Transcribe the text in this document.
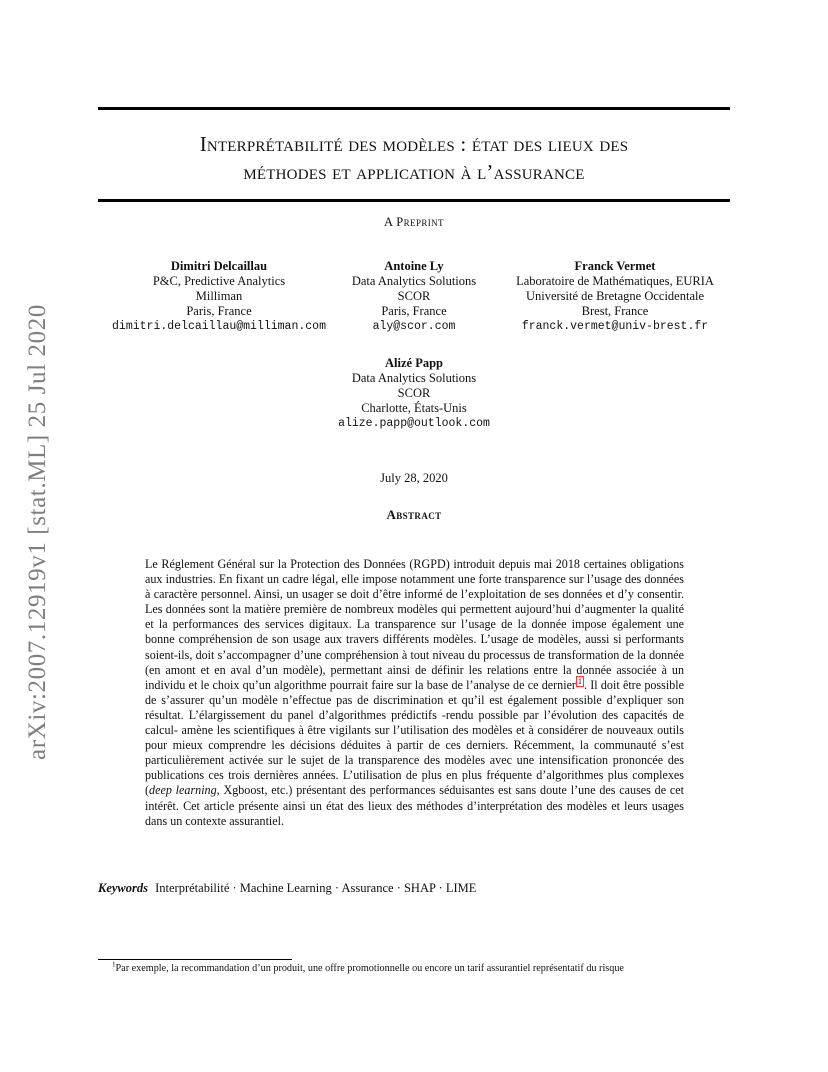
arXiv:2007.12919v1 [stat.ML] 25 Jul 2020
Interprétabilité des modèles : état des lieux des
méthodes et application à l’assurance
A Preprint
Dimitri Delcaillau
P&C, Predictive Analytics
Milliman
Paris, France
dimitri.delcaillau@milliman.com
Antoine Ly
Data Analytics Solutions
SCOR
Paris, France
aly@scor.com
Franck Vermet
Laboratoire de Mathématiques, EURIA
Université de Bretagne Occidentale
Brest, France
franck.vermet@univ-brest.fr
Alizé Papp
Data Analytics Solutions
SCOR
Charlotte, États-Unis
alize.papp@outlook.com
July 28, 2020
Abstract
Le Réglement Général sur la Protection des Données (RGPD) introduit depuis mai 2018 certaines obligations aux industries. En fixant un cadre légal, elle impose notamment une forte transparence sur l’usage des données à caractère personnel. Ainsi, un usager se doit d’être informé de l’exploitation de ses données et d’y consentir. Les données sont la matière première de nombreux modèles qui permettent aujourd’hui d’augmenter la qualité et la performances des services digitaux. La transparence sur l’usage de la donnée impose également une bonne compréhension de son usage aux travers différents modèles. L’usage de modèles, aussi si performants soient-ils, doit s’accompagner d’une compréhension à tout niveau du processus de transformation de la donnée (en amont et en aval d’un modèle), permettant ainsi de définir les relations entre la donnée associée à un individu et le choix qu’un algorithme pourrait faire sur la base de l’analyse de ce dernier $^1$ . Il doit être possible de s’assurer qu’un modèle n’effectue pas de discrimination et qu’il est également possible d’expliquer son résultat. L’élargissement du panel d’algorithmes prédictifs -rendu possible par l’évolution des capacités de calcul- amène les scientifiques à être vigilants sur l’utilisation des modèles et à considérer de nouveaux outils pour mieux comprendre les décisions déduites à partir de ces derniers. Récemment, la communauté s’est particulièrement activée sur le sujet de la transparence des modèles avec une intensification prononcée des publications ces trois dernières années. L’utilisation de plus en plus fréquente d’algorithmes plus complexes (deep learning, Xgboost, etc.) présentant des performances séduisantes est sans doute l’une des causes de cet intérêt. Cet article présente ainsi un état des lieux des méthodes d’interprétation des modèles et leurs usages dans un contexte assurantiel.
Keywords Interprétabilité · Machine Learning · Assurance · SHAP · LIME
$^1$Par exemple, la recommandation d’un produit, une offre promotionnelle ou encore un tarif assurantiel représentatif du risque
